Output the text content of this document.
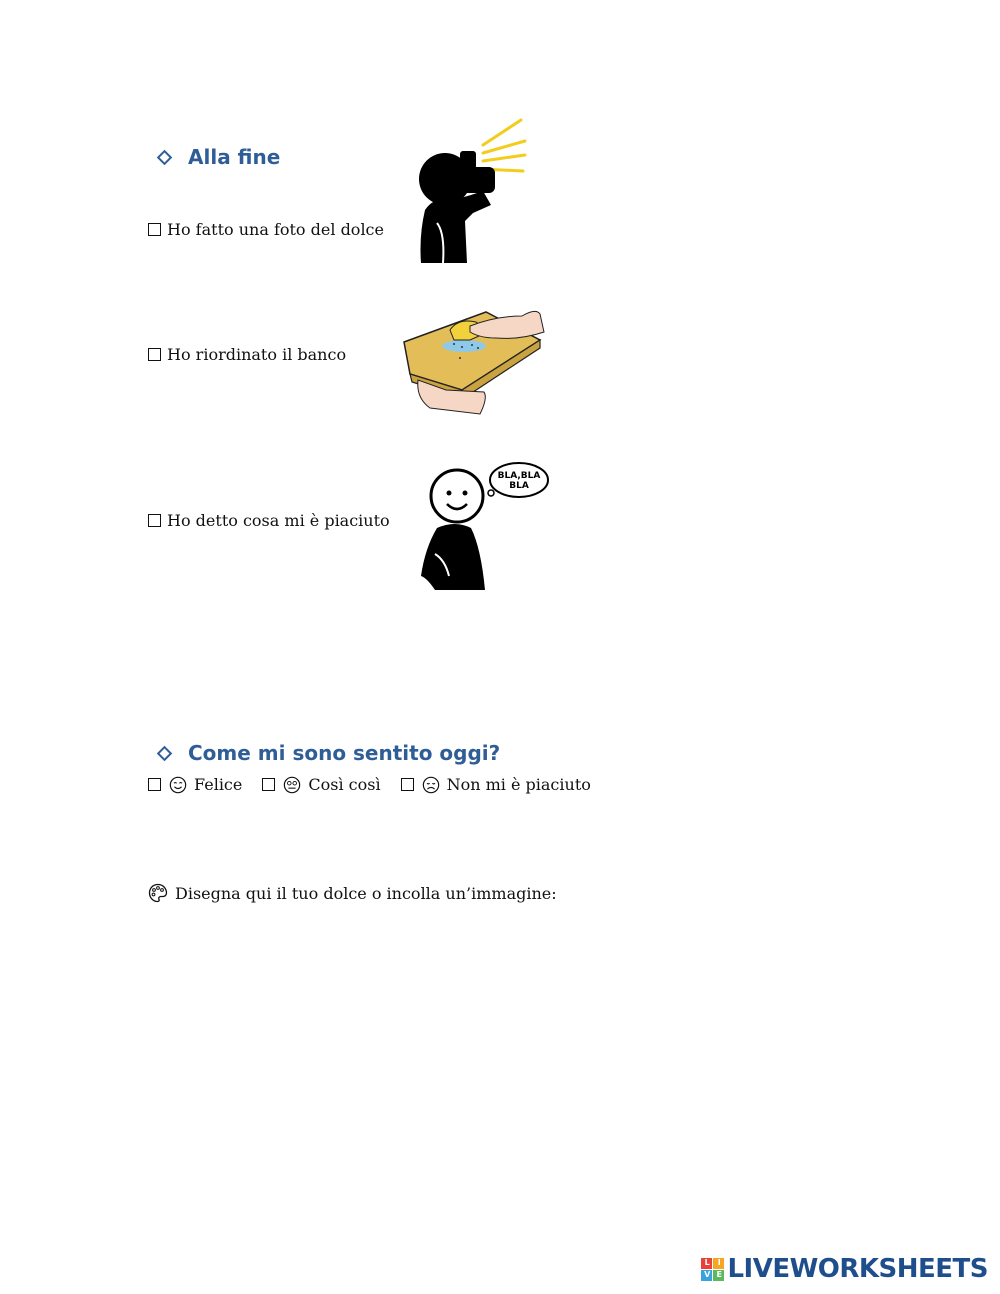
Alla fine
Ho fatto una foto del dolce
Ho riordinato il banco
Ho detto cosa mi è piaciuto
BLA,BLA
BLA
Come mi sono sentito oggi?
Felice	Così così	Non mi è piaciuto
Disegna qui il tuo dolce o incolla un’immagine:
L	I
V E LIVEWORKSHEETS
